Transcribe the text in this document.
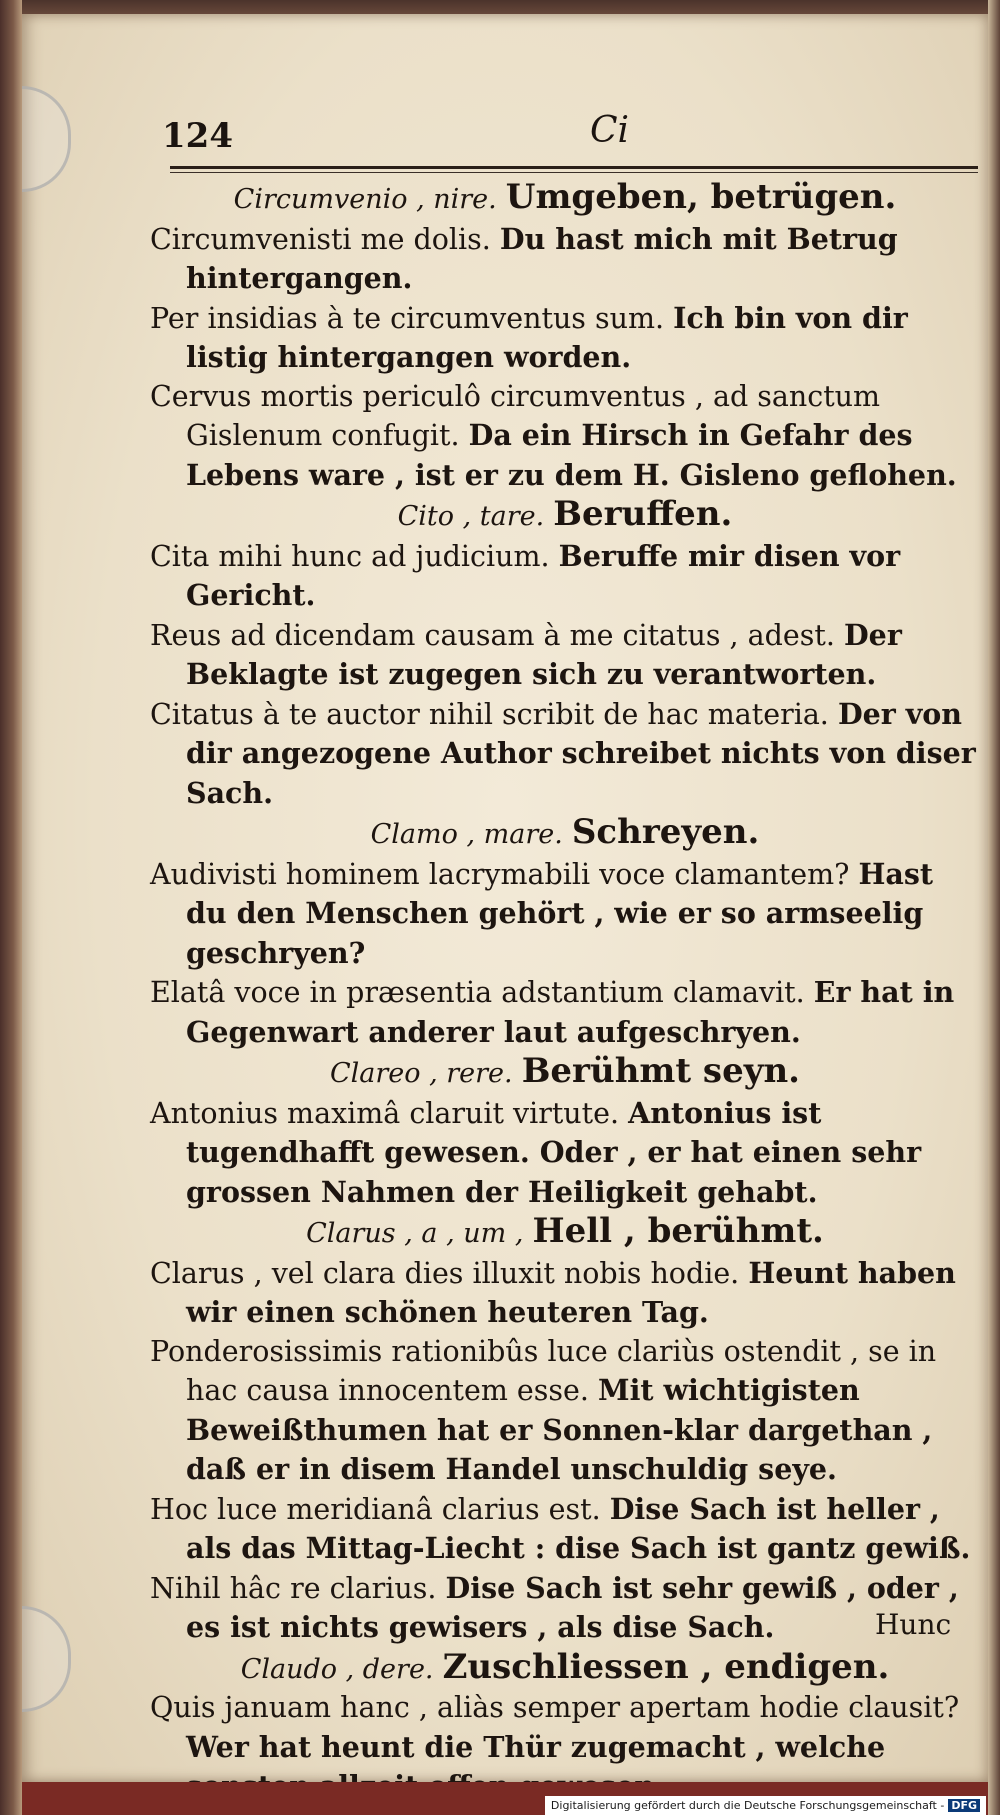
124	Ci

Circumvenio , nire. Umgeben, betrügen.

Circumvenisti me dolis. Du hast mich mit Betrug hintergangen.

Per insidias à te circumventus sum. Ich bin von dir listig hintergangen worden.

Cervus mortis periculô circumventus , ad sanctum Gislenum confugit. Da ein Hirsch in Gefahr des Lebens ware , ist er zu dem H. Gisleno geflohen.

Cito , tare. Beruffen.

Cita mihi hunc ad judicium. Beruffe mir disen vor Gericht.

Reus ad dicendam causam à me citatus , adest. Der Beklagte ist zugegen sich zu verantworten.

Citatus à te auctor nihil scribit de hac materia. Der von dir angezogene Author schreibet nichts von diser Sach.

Clamo , mare. Schreyen.

Audivisti hominem lacrymabili voce clamantem? Hast du den Menschen gehört , wie er so armseelig geschryen?

Elatâ voce in præsentia adstantium clamavit. Er hat in Gegenwart anderer laut aufgeschryen.

Clareo , rere. Berühmt seyn.

Antonius maximâ claruit virtute. Antonius ist tugendhafft gewesen. Oder , er hat einen sehr grossen Nahmen der Heiligkeit gehabt.

Clarus , a , um , Hell , berühmt.

Clarus , vel clara dies illuxit nobis hodie. Heunt haben wir einen schönen heuteren Tag.

Ponderosissimis rationibûs luce clariùs ostendit , se in hac causa innocentem esse. Mit wichtigisten Beweißthumen hat er Sonnen-klar dargethan , daß er in disem Handel unschuldig seye.

Hoc luce meridianâ clarius est. Dise Sach ist heller , als das Mittag-Liecht : dise Sach ist gantz gewiß.

Nihil hâc re clarius. Dise Sach ist sehr gewiß , oder , es ist nichts gewisers , als dise Sach.

Claudo , dere. Zuschliessen , endigen.

Quis januam hanc , aliàs semper apertam hodie clausit? Wer hat heunt die Thür zugemacht , welche

Hunc
Digitalisierung gefördert durch die Deutsche Forschungsgemeinschaft - DFG
